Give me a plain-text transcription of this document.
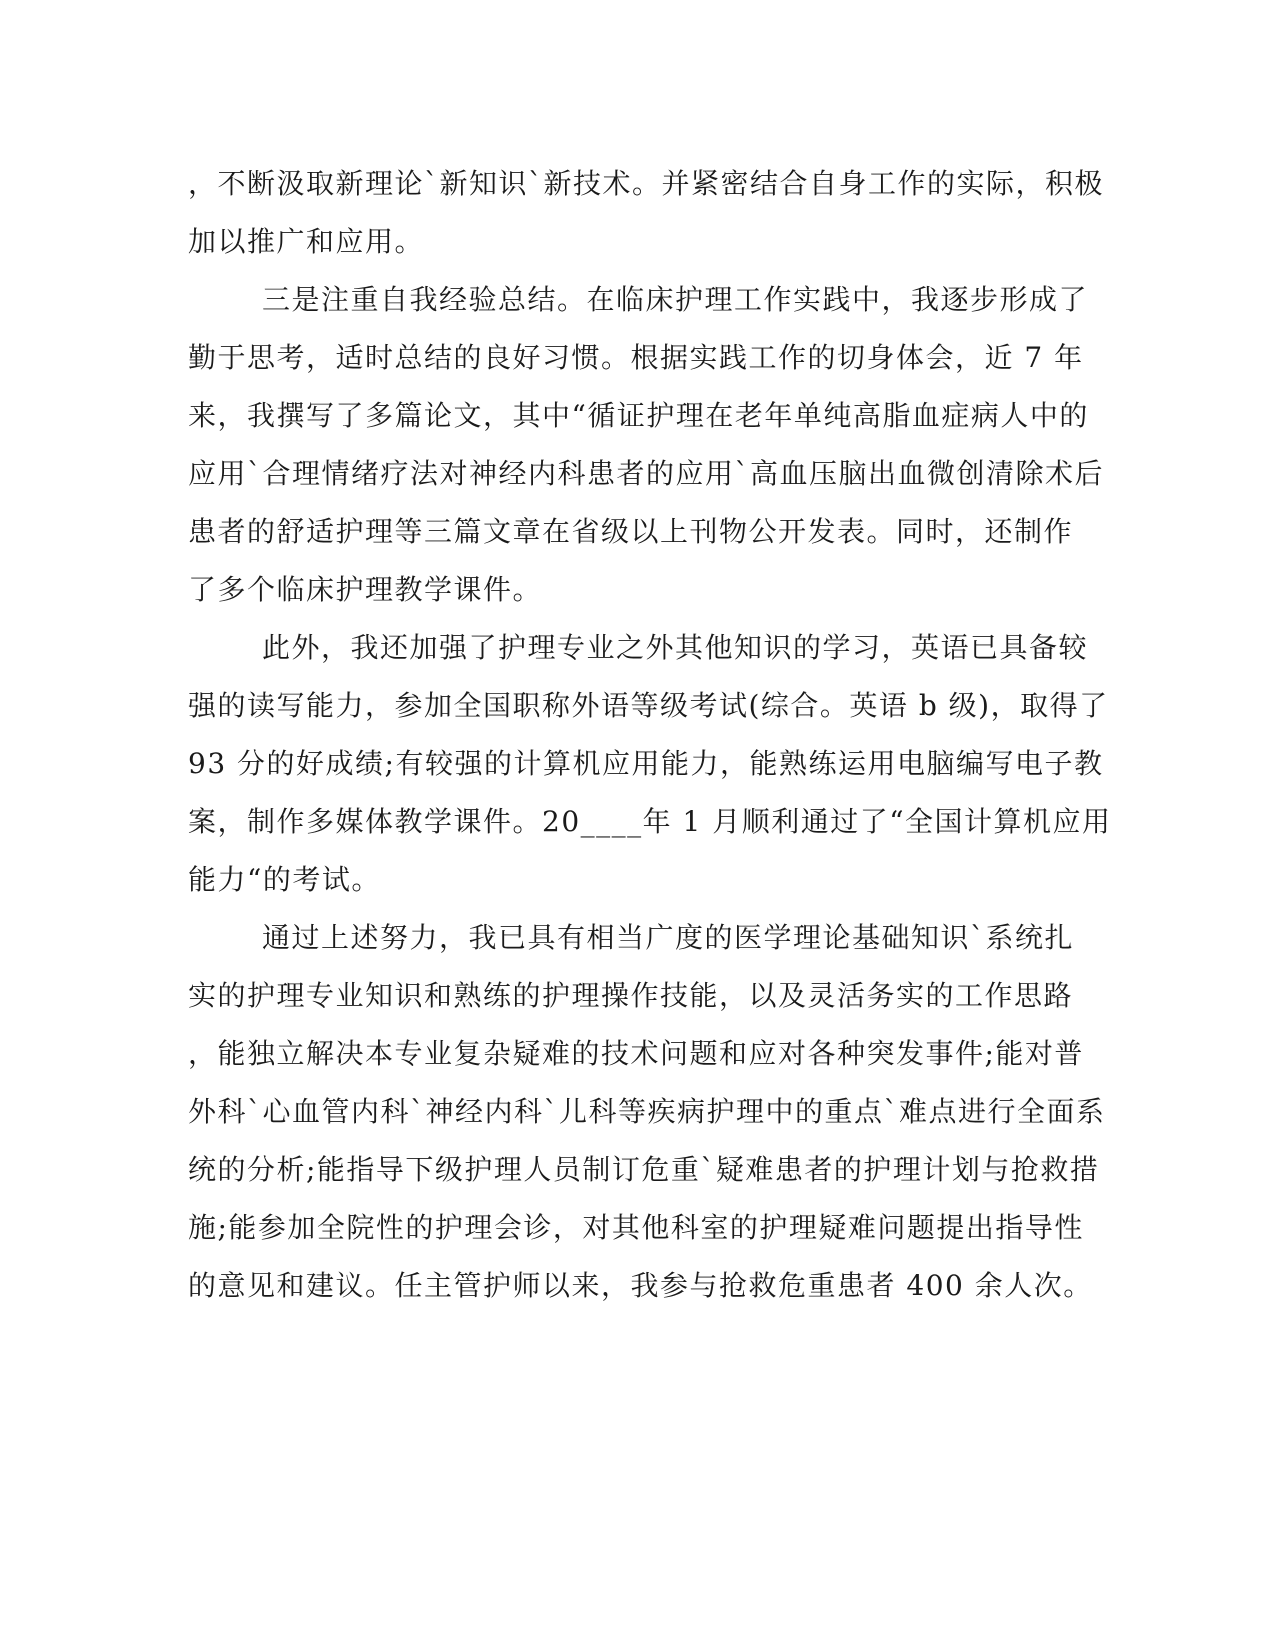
，不断汲取新理论`新知识`新技术。并紧密结合自身工作的实际，积极

加以推广和应用。

三是注重自我经验总结。在临床护理工作实践中，我逐步形成了

勤于思考，适时总结的良好习惯。根据实践工作的切身体会，近 7 年

来，我撰写了多篇论文，其中“循证护理在老年单纯高脂血症病人中的

应用`合理情绪疗法对神经内科患者的应用`高血压脑出血微创清除术后

患者的舒适护理等三篇文章在省级以上刊物公开发表。同时，还制作

了多个临床护理教学课件。

此外，我还加强了护理专业之外其他知识的学习，英语已具备较

强的读写能力，参加全国职称外语等级考试(综合。英语 b 级)，取得了

93 分的好成绩;有较强的计算机应用能力，能熟练运用电脑编写电子教

案，制作多媒体教学课件。20____年 1 月顺利通过了“全国计算机应用

能力“的考试。

通过上述努力，我已具有相当广度的医学理论基础知识`系统扎

实的护理专业知识和熟练的护理操作技能，以及灵活务实的工作思路

，能独立解决本专业复杂疑难的技术问题和应对各种突发事件;能对普

外科`心血管内科`神经内科`儿科等疾病护理中的重点`难点进行全面系

统的分析;能指导下级护理人员制订危重`疑难患者的护理计划与抢救措

施;能参加全院性的护理会诊，对其他科室的护理疑难问题提出指导性

的意见和建议。任主管护师以来，我参与抢救危重患者 400 余人次。
